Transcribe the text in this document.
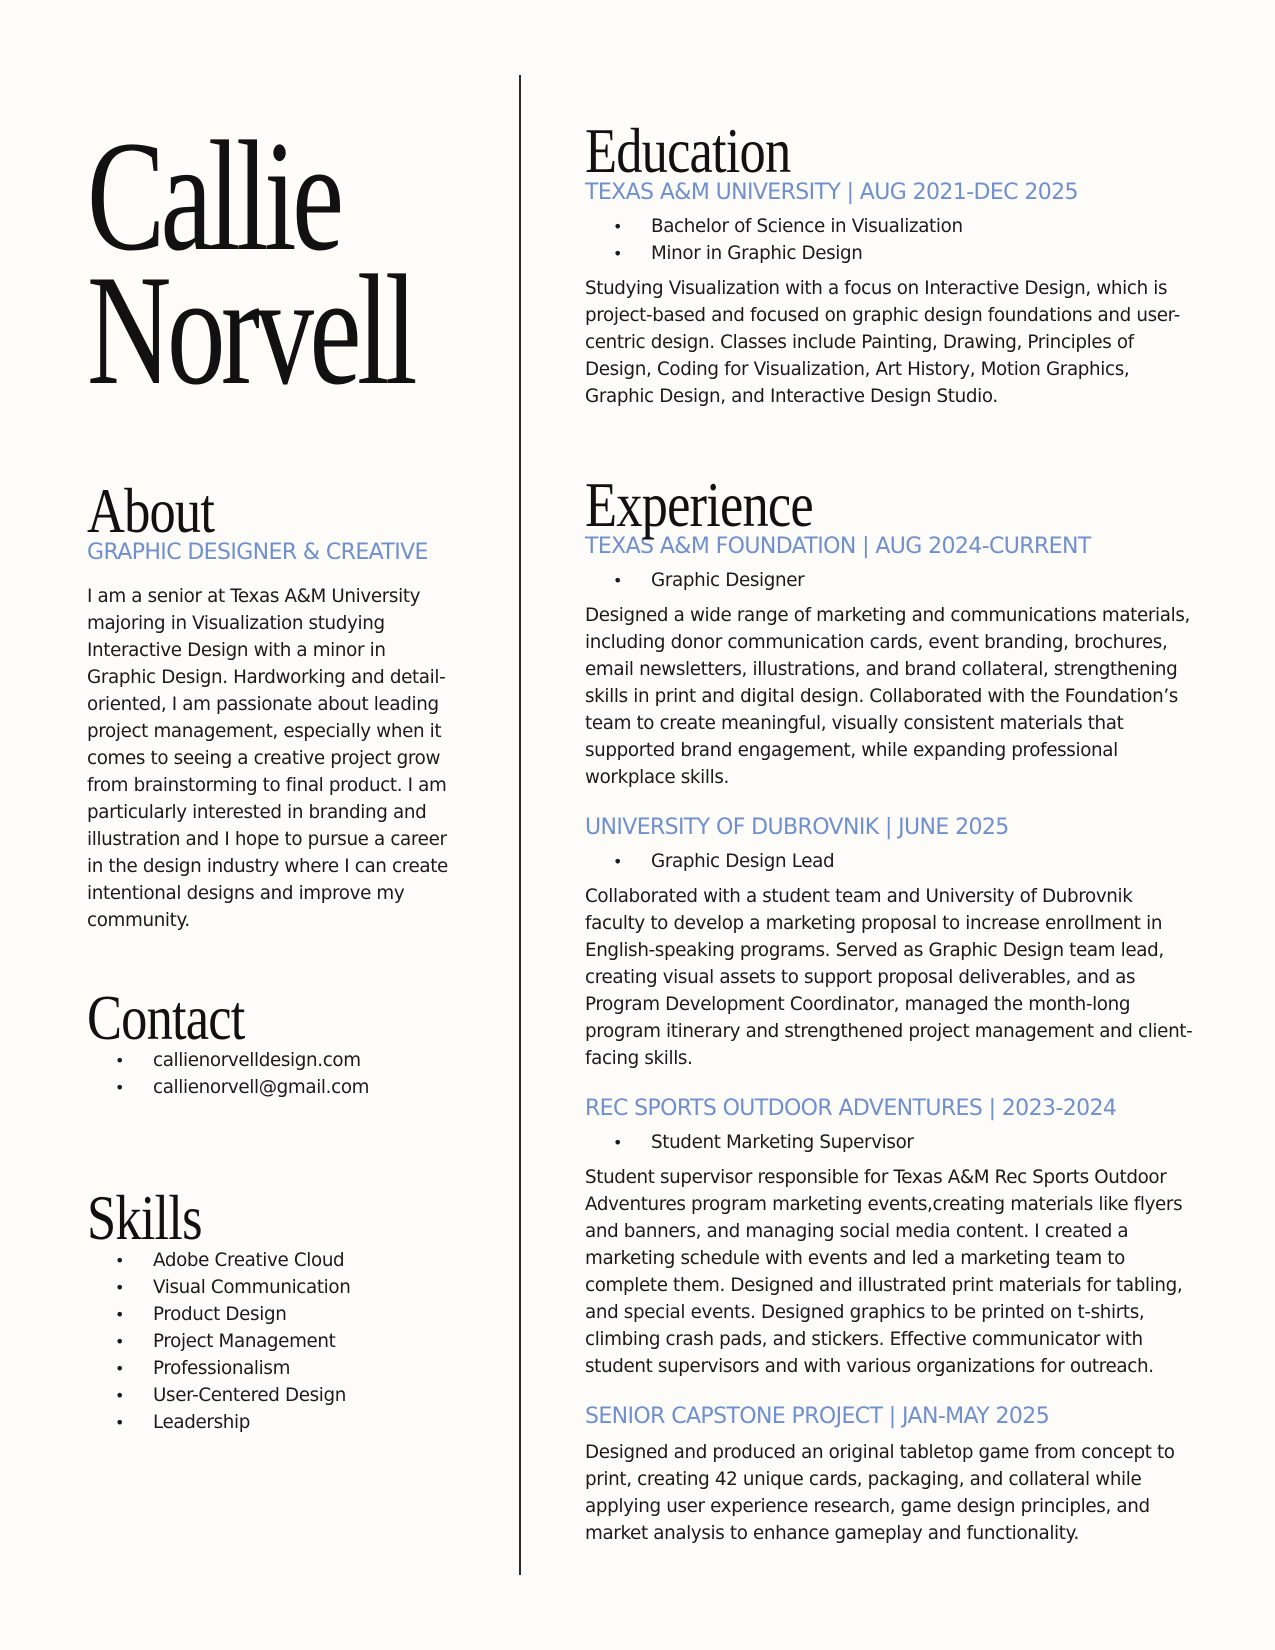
Callie
Norvell
About
GRAPHIC DESIGNER & CREATIVE

I am a senior at Texas A&M University majoring in Visualization studying Interactive Design with a minor in Graphic Design. Hardworking and detail-oriented, I am passionate about leading project management, especially when it comes to seeing a creative project grow from brainstorming to final product. I am particularly interested in branding and illustration and I hope to pursue a career in the design industry where I can create intentional designs and improve my community.

Contact
• callienorvelldesign.com
• callienorvell@gmail.com
Skills
• Adobe Creative Cloud
• Visual Communication
• Product Design
• Project Management
• Professionalism
• User-Centered Design
• Leadership
Education
TEXAS A&M UNIVERSITY | AUG 2021-DEC 2025
• Bachelor of Science in Visualization
• Minor in Graphic Design

Studying Visualization with a focus on Interactive Design, which is project-based and focused on graphic design foundations and user-centric design. Classes include Painting, Drawing, Principles of Design, Coding for Visualization, Art History, Motion Graphics, Graphic Design, and Interactive Design Studio.

Experience
TEXAS A&M FOUNDATION | AUG 2024-CURRENT
• Graphic Designer

Designed a wide range of marketing and communications materials, including donor communication cards, event branding, brochures, email newsletters, illustrations, and brand collateral, strengthening skills in print and digital design. Collaborated with the Foundation’s team to create meaningful, visually consistent materials that supported brand engagement, while expanding professional workplace skills.

UNIVERSITY OF DUBROVNIK | JUNE 2025
• Graphic Design Lead

Collaborated with a student team and University of Dubrovnik faculty to develop a marketing proposal to increase enrollment in English-speaking programs. Served as Graphic Design team lead, creating visual assets to support proposal deliverables, and as Program Development Coordinator, managed the month-long program itinerary and strengthened project management and client-facing skills.

REC SPORTS OUTDOOR ADVENTURES | 2023-2024
• Student Marketing Supervisor

Student supervisor responsible for Texas A&M Rec Sports Outdoor Adventures program marketing events,creating materials like flyers and banners, and managing social media content. I created a marketing schedule with events and led a marketing team to complete them. Designed and illustrated print materials for tabling, and special events. Designed graphics to be printed on t-shirts, climbing crash pads, and stickers. Effective communicator with student supervisors and with various organizations for outreach.

SENIOR CAPSTONE PROJECT | JAN-MAY 2025

Designed and produced an original tabletop game from concept to print, creating 42 unique cards, packaging, and collateral while applying user experience research, game design principles, and market analysis to enhance gameplay and functionality.
